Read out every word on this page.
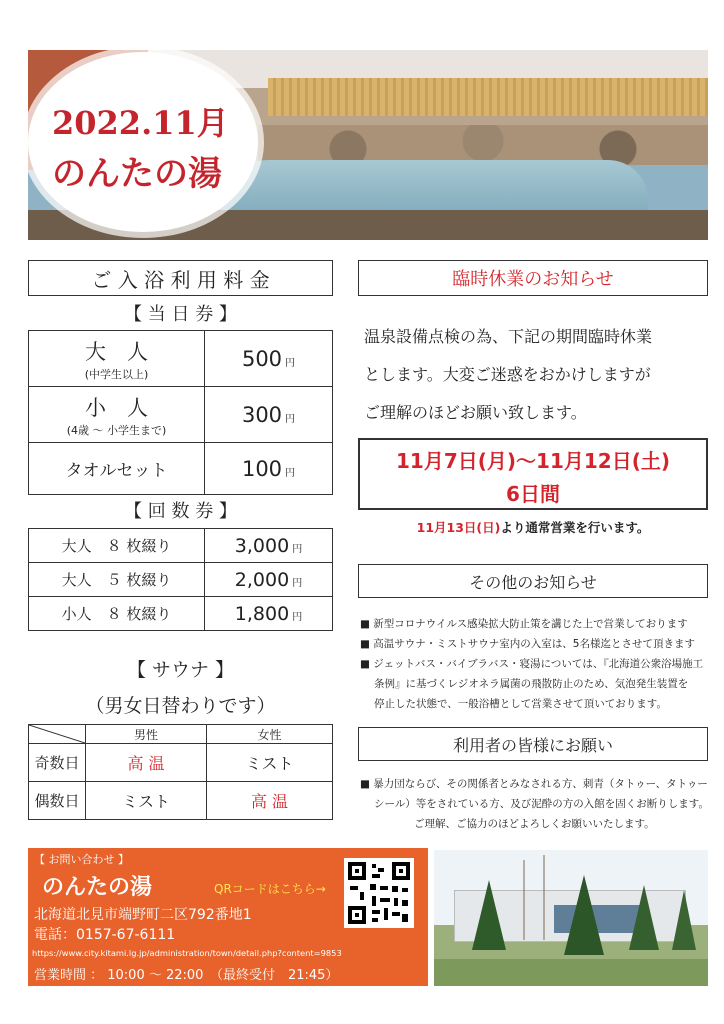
2022.11月
のんたの湯
ご 入 浴 利 用 料 金
【 当 日 券 】
大　人
(中学生以上)	500 円

小　人
(4歳 ～ 小学生まで)	300 円
タオルセット	100 円
【 回 数 券 】
大人　８ 枚綴り	3,000 円
大人　５ 枚綴り	2,000 円
小人　８ 枚綴り	1,800 円
【 サウナ 】
（男女日替わりです）
	男性	女性
奇数日	高 温	ミスト
偶数日	ミスト	高 温
臨時休業のお知らせ
温泉設備点検の為、下記の期間臨時休業
とします。大変ご迷惑をおかけしますが
ご理解のほどお願い致します。
11月7日(月)～11月12日(土)
6日間
11月13日(日) より通常営業を行います。
その他のお知らせ
■ 新型コロナウイルス感染拡大防止策を講じた上で営業しております
■ 高温サウナ・ミストサウナ室内の入室は、5名様迄とさせて頂きます
■ ジェットバス・バイブラバス・寝湯については、『北海道公衆浴場施工
条例』に基づくレジオネラ属菌の飛散防止のため、気泡発生装置を
停止した状態で、一般浴槽として営業させて頂いております。
利用者の皆様にお願い
■ 暴力団ならび、その関係者とみなされる方、刺青（タトゥー、タトゥー
シール）等をされている方、及び泥酔の方の入館を固くお断りします。
ご理解、ご協力のほどよろしくお願いいたします。
【 お問い合わせ 】
のんたの湯	QRコードはこちら→
北海道北見市端野町二区792番地1
電話：0157-67-6111
https://www.city.kitami.lg.jp/administration/town/detail.php?content=9853
営業時間 ： 10:00 ～ 22:00　（最終受付　21:45）
